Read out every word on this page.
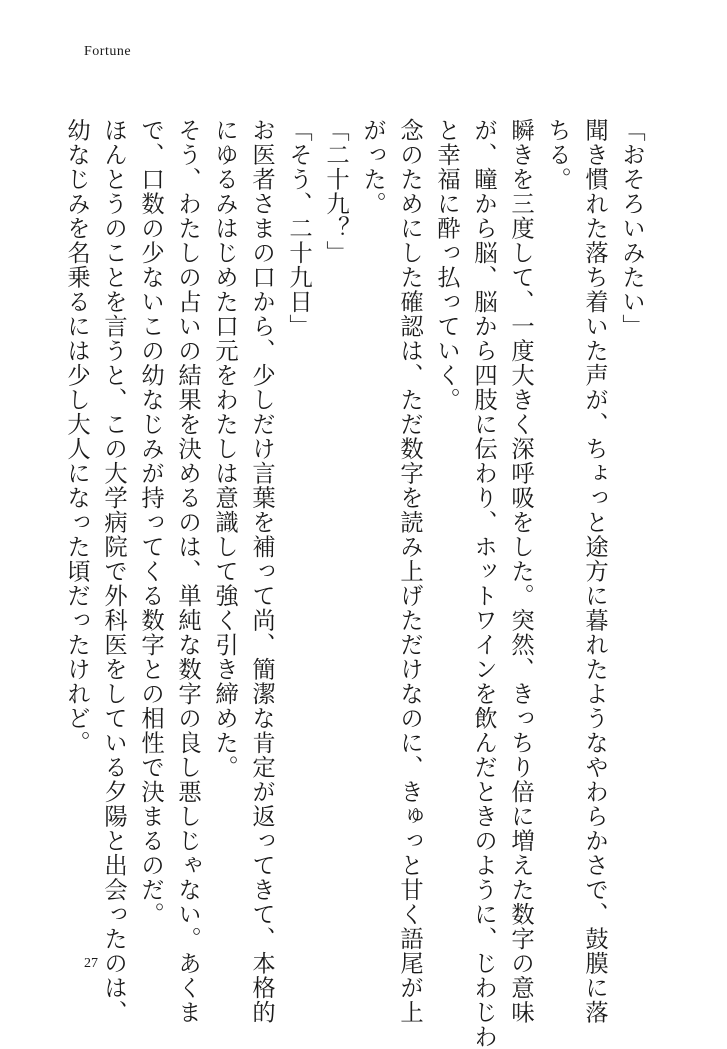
Fortune

「おそろいみたい」

聞き慣れた落ち着いた声が、ちょっと途方に暮れたようなやわらかさで、鼓膜に落

ちる。

瞬きを三度して、一度大きく深呼吸をした。突然、きっちり倍に増えた数字の意味

が、瞳から脳、脳から四肢に伝わり、ホットワインを飲んだときのように、じわじわ

と幸福に酔っ払っていく。

念のためにした確認は、ただ数字を読み上げただけなのに、きゅっと甘く語尾が上

がった。

「二十九？」

「そう、二十九日」

お医者さまの口から、少しだけ言葉を補って尚、簡潔な肯定が返ってきて、本格的

にゆるみはじめた口元をわたしは意識して強く引き締めた。

そう、わたしの占いの結果を決めるのは、単純な数字の良し悪しじゃない。あくま

で、口数の少ないこの幼なじみが持ってくる数字との相性で決まるのだ。

ほんとうのことを言うと、この大学病院で外科医をしている夕陽と出会ったのは、

幼なじみを名乗るには少し大人になった頃だったけれど。

27
